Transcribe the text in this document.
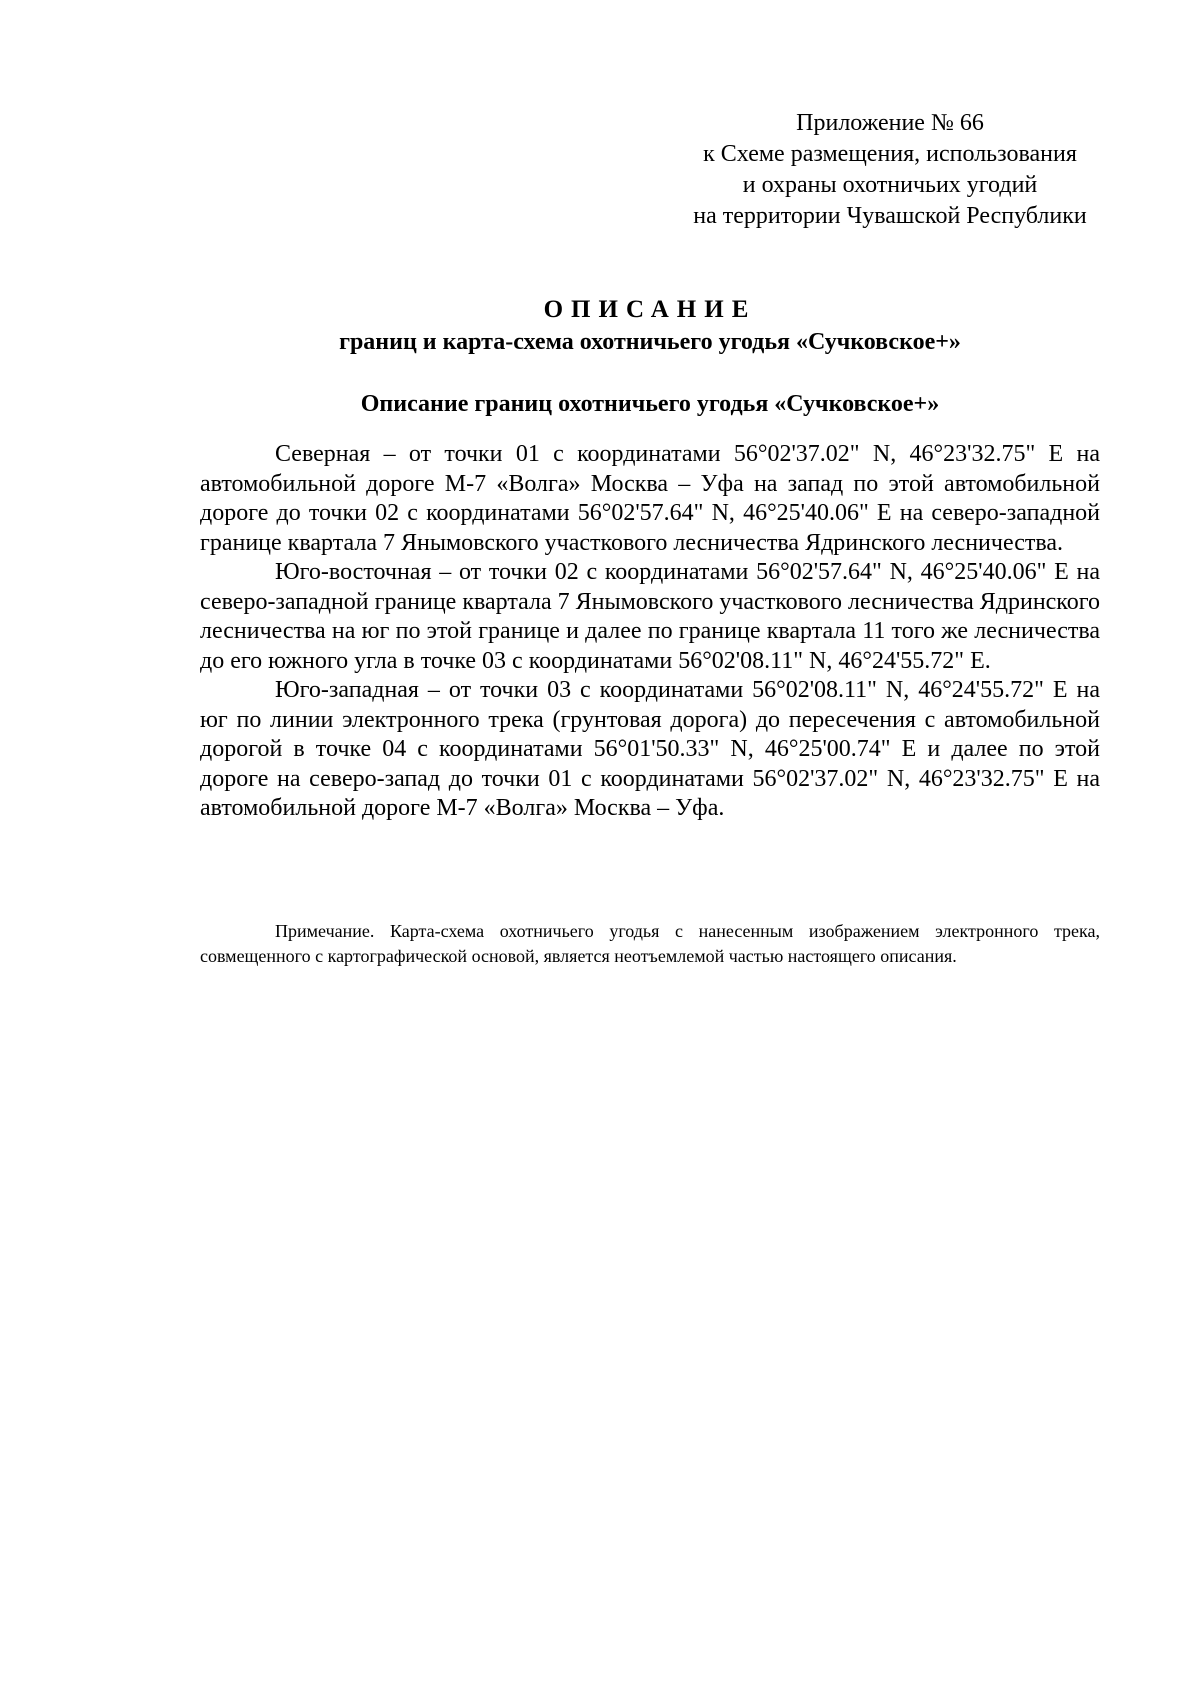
Приложение № 66
к Схеме размещения, использования
и охраны охотничьих угодий
на территории Чувашской Республики
ОПИСАНИЕ
границ и карта-схема охотничьего угодья «Сучковское+»
Описание границ охотничьего угодья «Сучковское+»

Северная – от точки 01 с координатами 56°02'37.02" N, 46°23'32.75" E на автомобильной дороге М-7 «Волга» Москва – Уфа на запад по этой автомобильной дороге до точки 02 с координатами 56°02'57.64" N, 46°25'40.06" E на северо-западной границе квартала 7 Янымовского участкового лесничества Ядринского лесничества.

Юго-восточная – от точки 02 с координатами 56°02'57.64" N, 46°25'40.06" E на северо-западной границе квартала 7 Янымовского участкового лесничества Ядринского лесничества на юг по этой границе и далее по границе квартала 11 того же лесничества до его южного угла в точке 03 с координатами 56°02'08.11" N, 46°24'55.72" E.

Юго-западная – от точки 03 с координатами 56°02'08.11" N, 46°24'55.72" E на юг по линии электронного трека (грунтовая дорога) до пересечения с автомобильной дорогой в точке 04 с координатами 56°01'50.33" N, 46°25'00.74" E и далее по этой дороге на северо-запад до точки 01 с координатами 56°02'37.02" N, 46°23'32.75" E на автомобильной дороге М-7 «Волга» Москва – Уфа.

Примечание. Карта-схема охотничьего угодья с нанесенным изображением электронного трека, совмещенного с картографической основой, является неотъемлемой частью настоящего описания.
